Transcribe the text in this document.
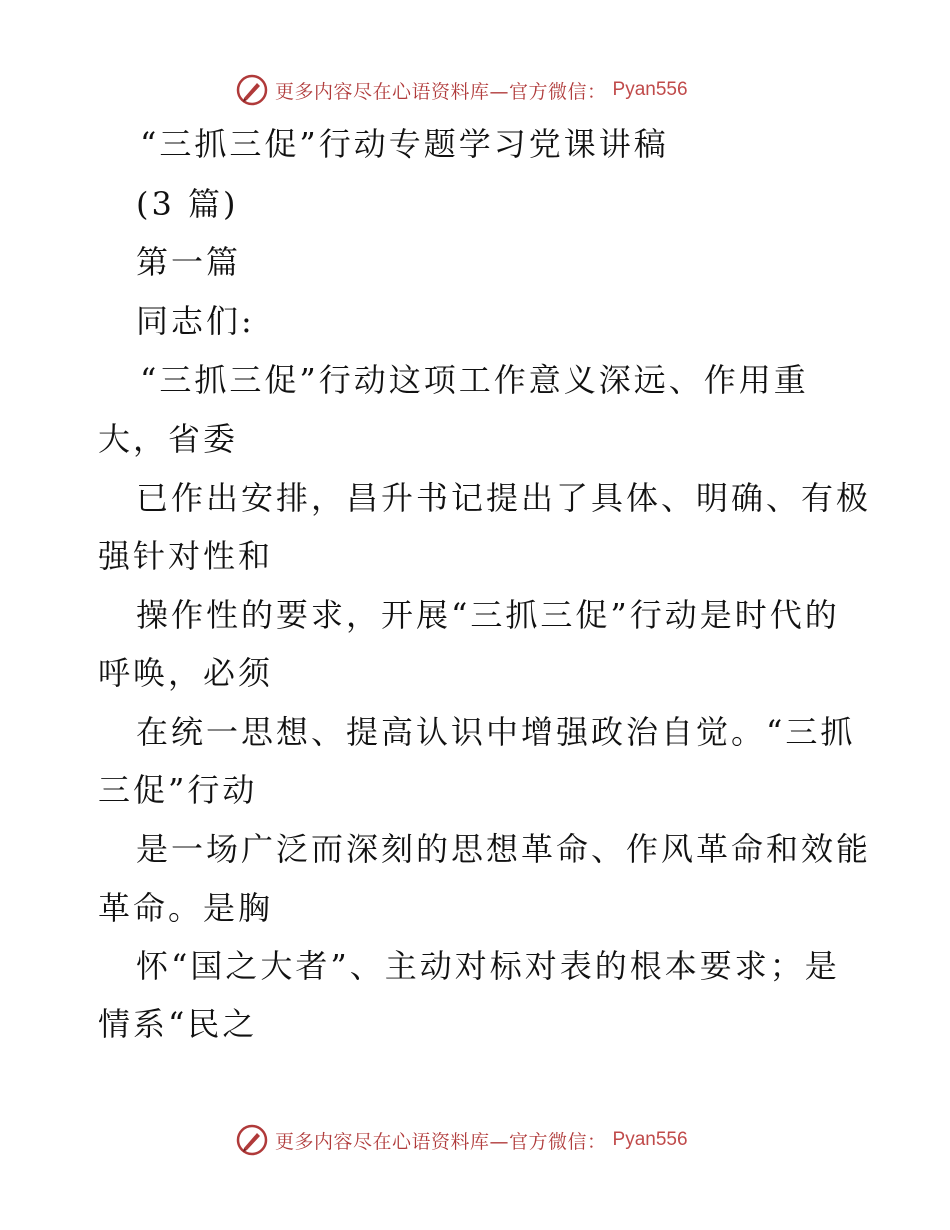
更多内容尽在心语资料库—官方微信： Pyan556
“三抓三促”行动专题学习党课讲稿
(3 篇)
第一篇
同志们:
“三抓三促”行动这项工作意义深远、作用重
大，省委
已作出安排，昌升书记提出了具体、明确、有极
强针对性和
操作性的要求，开展“三抓三促”行动是时代的
呼唤，必须
在统一思想、提高认识中增强政治自觉。“三抓
三促”行动
是一场广泛而深刻的思想革命、作风革命和效能
革命。是胸
怀“国之大者”、主动对标对表的根本要求；是
情系“民之
更多内容尽在心语资料库—官方微信： Pyan556
